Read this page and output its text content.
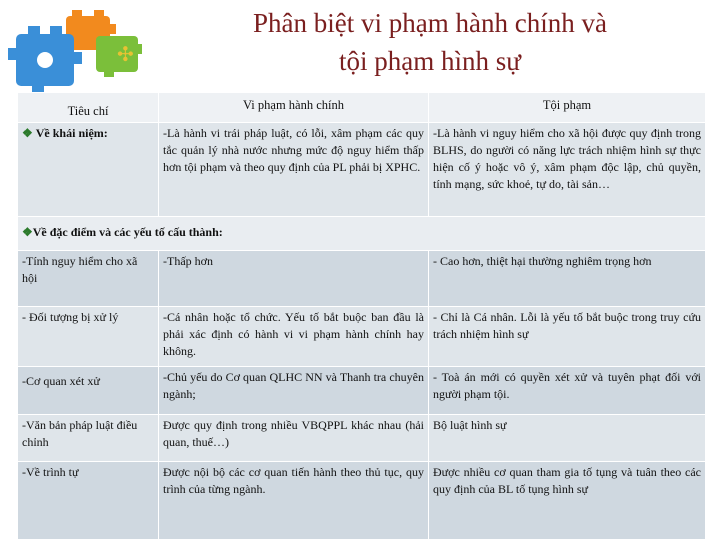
✣
Phân biệt vi phạm hành chính và
tội phạm hình sự
Tiêu chí	Vi phạm hành chính	Tội phạm
❖ Về khái niệm:	-Là hành vi trái pháp luật, có lỗi, xâm phạm các quy tắc quản lý nhà nước nhưng mức độ nguy hiểm thấp hơn tội phạm và theo quy định của PL phải bị XPHC.	-Là hành vi nguy hiểm cho xã hội được quy định trong BLHS, do người có năng lực trách nhiệm hình sự thực hiện cố ý hoặc vô ý, xâm phạm độc lập, chủ quyền, tính mạng, sức khoẻ, tự do, tài sản…
❖Về đặc điểm và các yếu tố cấu thành:		
-Tính nguy hiểm cho xã hội	-Thấp hơn	- Cao hơn, thiệt hại thường nghiêm trọng hơn
- Đối tượng bị xử lý	-Cá nhân hoặc tổ chức. Yếu tố bắt buộc ban đầu là phải xác định có hành vi vi phạm hành chính hay không.	- Chỉ là Cá nhân. Lỗi là yếu tố bắt buộc trong truy cứu trách nhiệm hình sự
-Cơ quan xét xử	-Chủ yếu do Cơ quan QLHC NN và Thanh tra chuyên ngành;	- Toà án mới có quyền xét xử và tuyên phạt đối với người phạm tội.
-Văn bản pháp luật điều chỉnh	Được quy định trong nhiều VBQPPL khác nhau (hải quan, thuế…)	Bộ luật hình sự
-Về trình tự	Được nội bộ các cơ quan tiến hành theo thủ tục, quy trình của từng ngành.	Được nhiều cơ quan tham gia tố tụng và tuân theo các quy định của BL tố tụng hình sự
